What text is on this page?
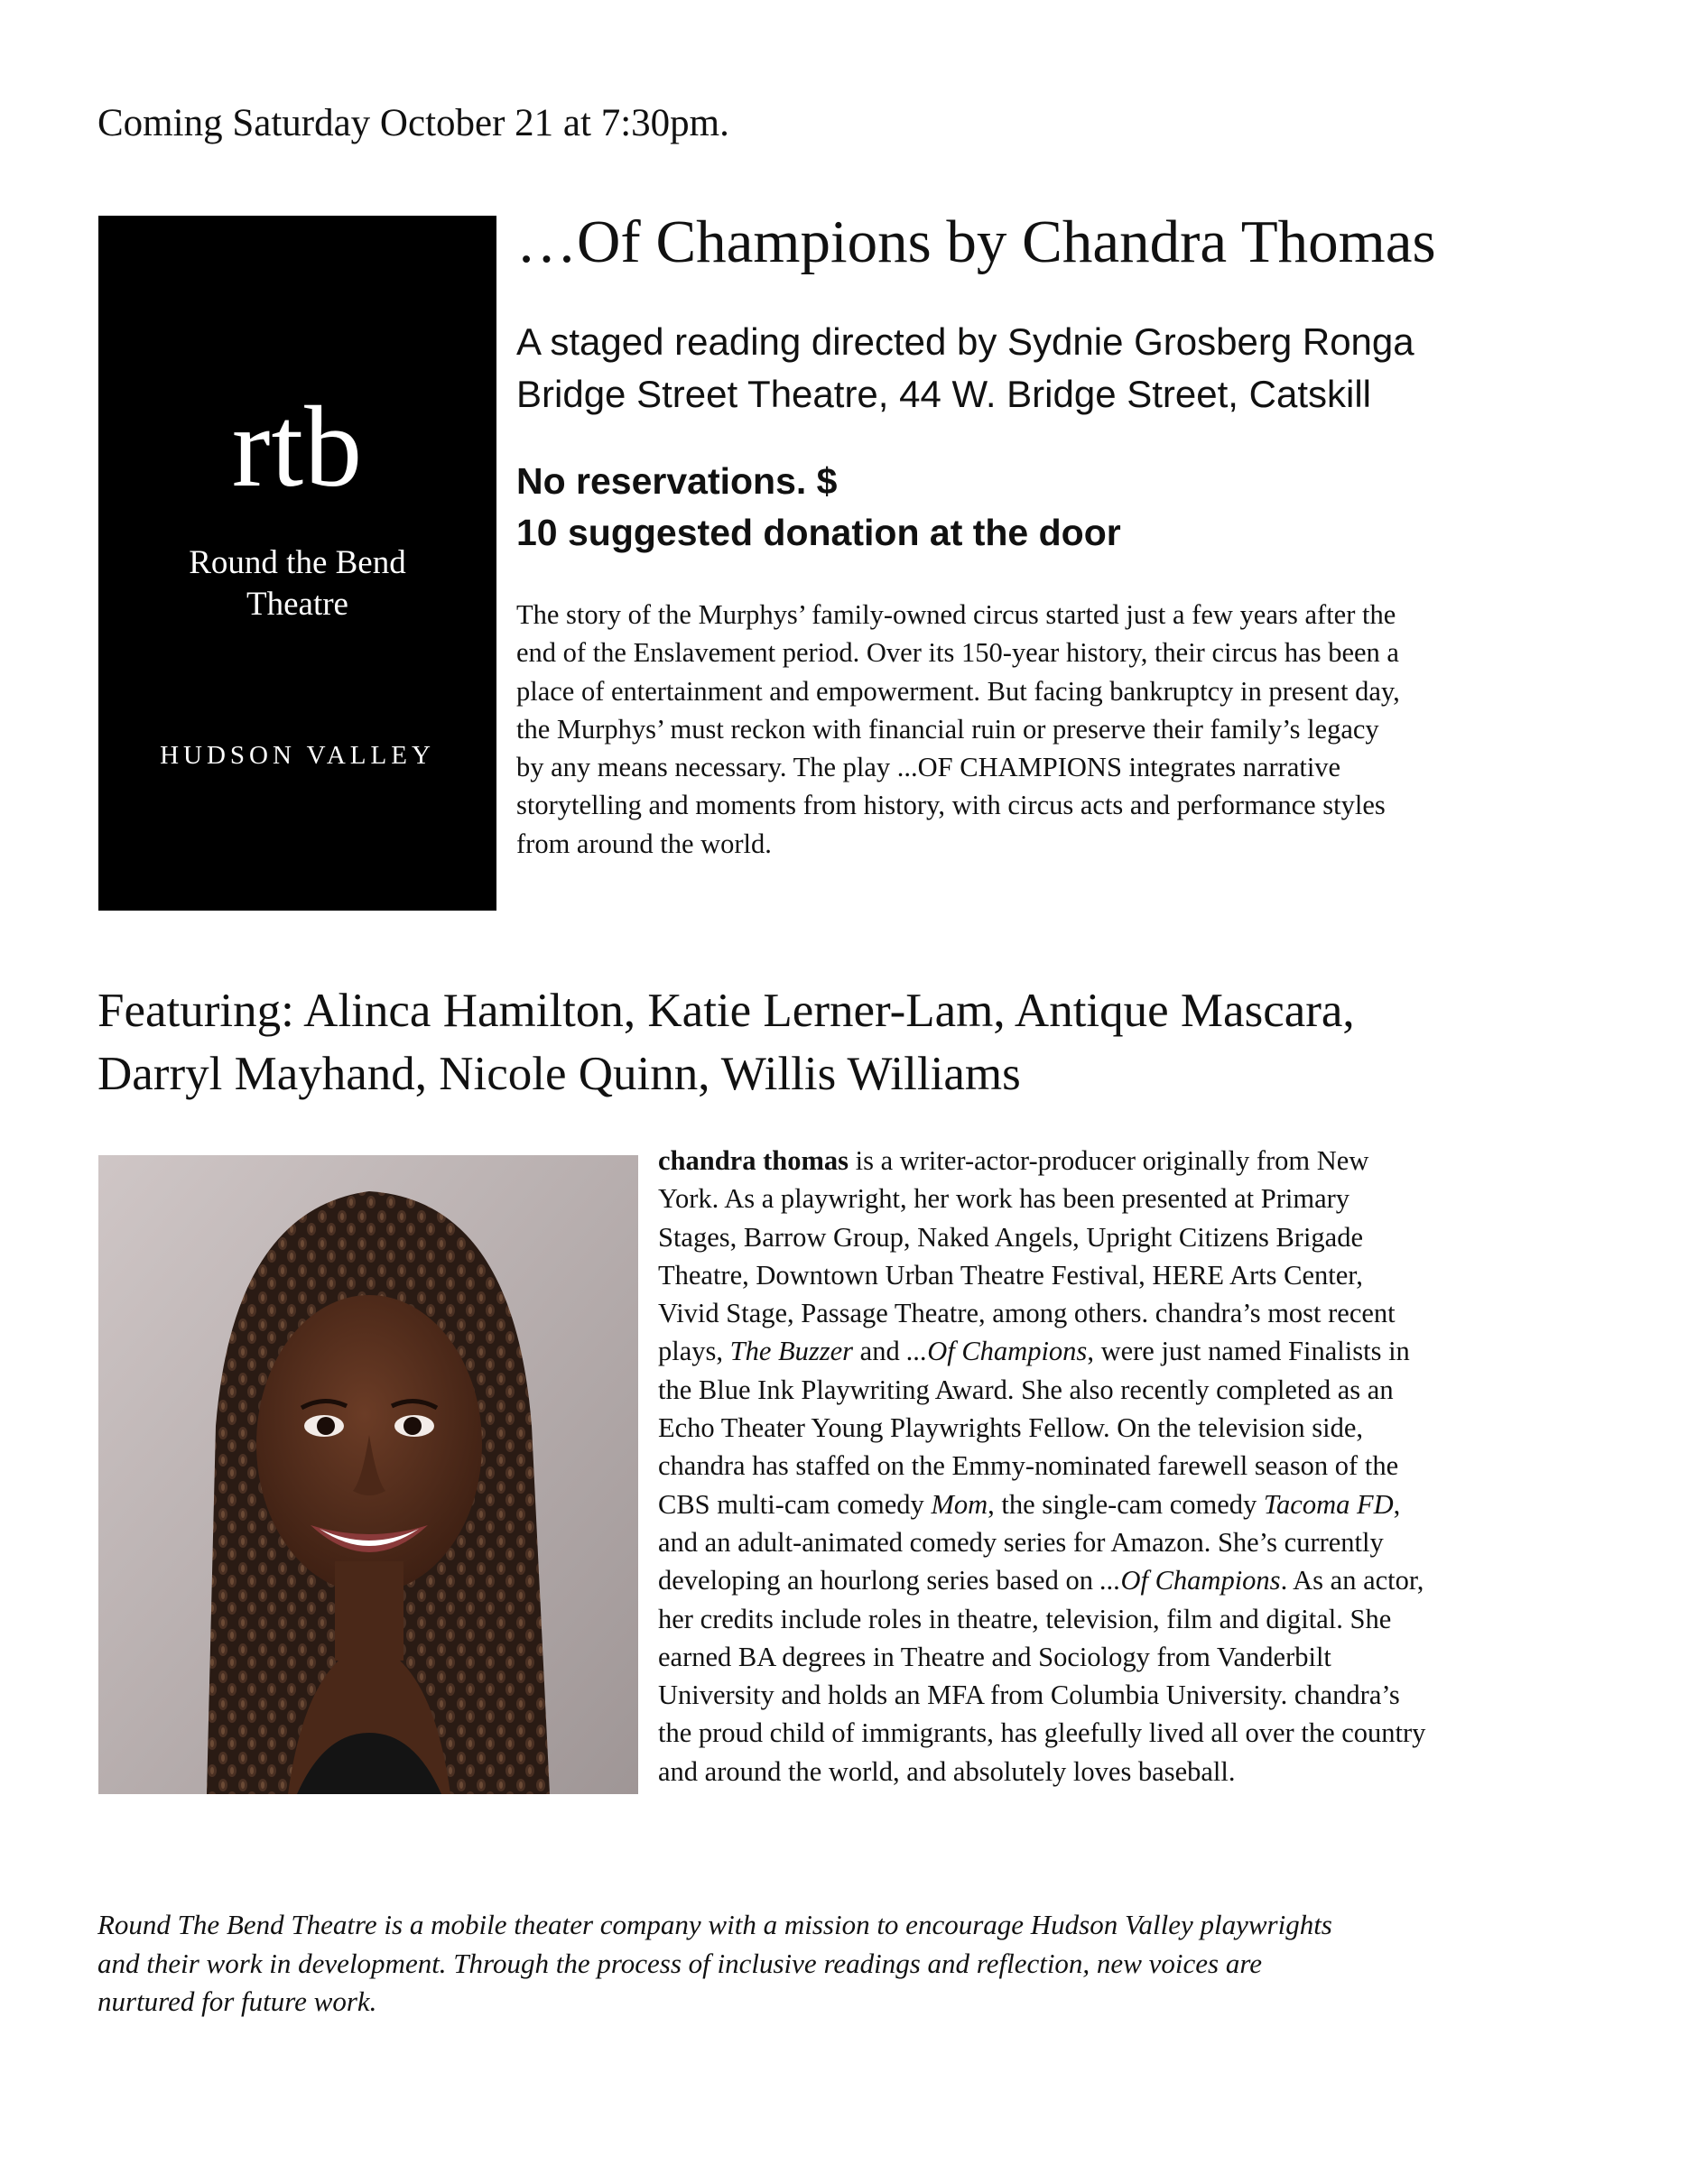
Coming Saturday October 21 at 7:30pm.

rtb
Round the Bend
Theatre
HUDSON VALLEY
…Of Champions by Chandra Thomas
A staged reading directed by Sydnie Grosberg Ronga
Bridge Street Theatre, 44 W. Bridge Street, Catskill
No reservations. $
10 suggested donation at the door

The story of the Murphys’ family-owned circus started just a few years after the
end of the Enslavement period. Over its 150-year history, their circus has been a
place of entertainment and empowerment. But facing bankruptcy in present day,
the Murphys’ must reckon with financial ruin or preserve their family’s legacy
by any means necessary. The play ...OF CHAMPIONS integrates narrative
storytelling and moments from history, with circus acts and performance styles
from around the world.

Featuring: Alinca Hamilton, Katie Lerner-Lam, Antique Mascara,
Darryl Mayhand, Nicole Quinn, Willis Williams

chandra thomas is a writer-actor-producer originally from New
York. As a playwright, her work has been presented at Primary
Stages, Barrow Group, Naked Angels, Upright Citizens Brigade
Theatre, Downtown Urban Theatre Festival, HERE Arts Center,
Vivid Stage, Passage Theatre, among others. chandra’s most recent
plays, The Buzzer and ...Of Champions, were just named Finalists in
the Blue Ink Playwriting Award. She also recently completed as an
Echo Theater Young Playwrights Fellow. On the television side,
chandra has staffed on the Emmy-nominated farewell season of the
CBS multi-cam comedy Mom, the single-cam comedy Tacoma FD,
and an adult-animated comedy series for Amazon. She’s currently
developing an hourlong series based on ...Of Champions. As an actor,
her credits include roles in theatre, television, film and digital. She
earned BA degrees in Theatre and Sociology from Vanderbilt
University and holds an MFA from Columbia University. chandra’s
the proud child of immigrants, has gleefully lived all over the country
and around the world, and absolutely loves baseball.

Round The Bend Theatre is a mobile theater company with a mission to encourage Hudson Valley playwrights
and their work in development. Through the process of inclusive readings and reflection, new voices are
nurtured for future work.
